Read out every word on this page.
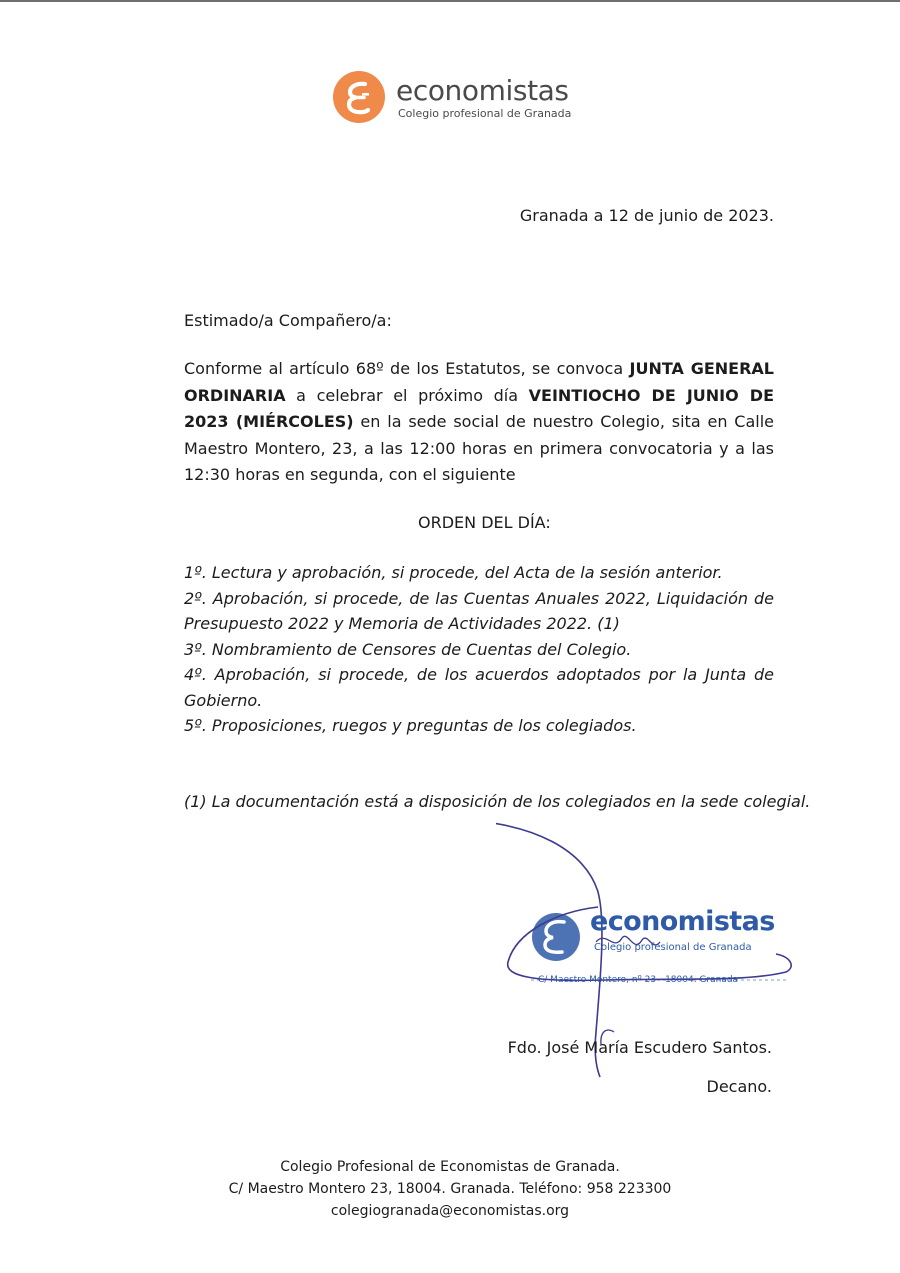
economistas
Colegio profesional de Granada
Granada a 12 de junio de 2023.
Estimado/a Compañero/a:
Conforme al artículo 68º de los Estatutos, se convoca JUNTA GENERAL ORDINARIA a celebrar el próximo día VEINTIOCHO DE JUNIO DE 2023 (MIÉRCOLES) en la sede social de nuestro Colegio, sita en Calle Maestro Montero, 23, a las 12:00 horas en primera convocatoria y a las 12:30 horas en segunda, con el siguiente
ORDEN DEL DÍA:
1º. Lectura y aprobación, si procede, del Acta de la sesión anterior.
2º. Aprobación, si procede, de las Cuentas Anuales 2022, Liquidación de Presupuesto 2022 y Memoria de Actividades 2022. (1)
3º. Nombramiento de Censores de Cuentas del Colegio.
4º. Aprobación, si procede, de los acuerdos adoptados por la Junta de Gobierno.
5º. Proposiciones, ruegos y preguntas de los colegiados.
(1) La documentación está a disposición de los colegiados en la sede colegial.
economistas
Colegio profesional de Granada
C/ Maestro Montero, nº 23 - 18004. Granada
Fdo. José María Escudero Santos.
Decano.
Colegio Profesional de Economistas de Granada.
C/ Maestro Montero 23, 18004. Granada. Teléfono: 958 223300
colegiogranada@economistas.org
